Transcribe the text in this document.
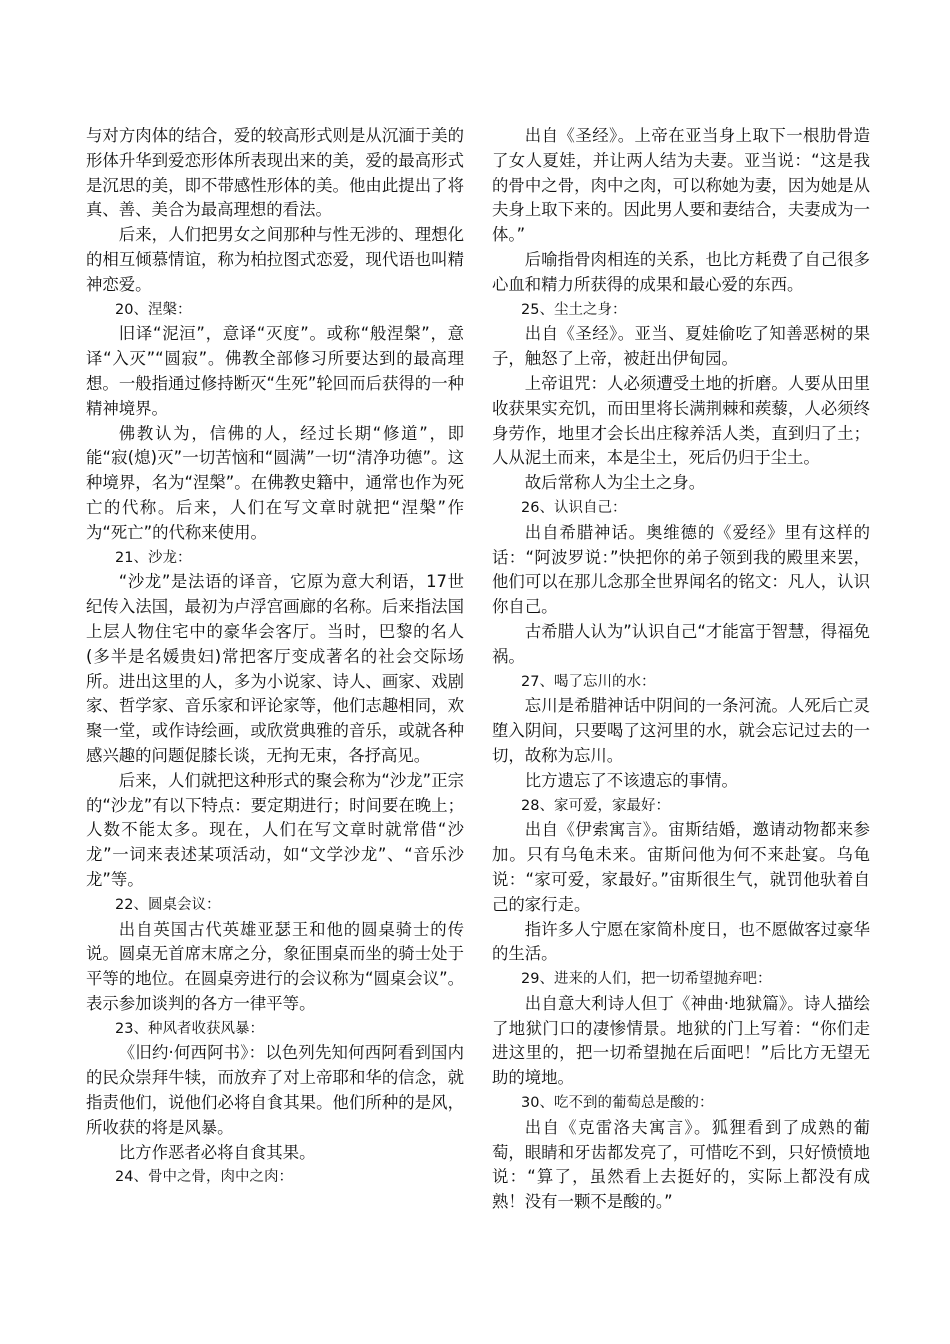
与对方肉体的结合，爱的较高形式则是从沉湎于美的形体升华到爱恋形体所表现出来的美，爱的最高形式是沉思的美，即不带感性形体的美。他由此提出了将真、善、美合为最高理想的看法。

后来，人们把男女之间那种与性无涉的、理想化的相互倾慕情谊，称为柏拉图式恋爱，现代语也叫精神恋爱。

20、涅槃：

旧译“泥洹”，意译“灭度”。或称“般涅槃”，意译“入灭”“圆寂”。佛教全部修习所要达到的最高理想。一般指通过修持断灭“生死”轮回而后获得的一种精神境界。

佛教认为，信佛的人，经过长期“修道”，即能“寂(熄)灭”一切苦恼和“圆满”一切“清净功德”。这种境界，名为“涅槃”。在佛教史籍中，通常也作为死亡的代称。后来，人们在写文章时就把“涅槃”作为“死亡”的代称来使用。

21、沙龙：

“沙龙”是法语的译音，它原为意大利语，17世纪传入法国，最初为卢浮宫画廊的名称。后来指法国上层人物住宅中的豪华会客厅。当时，巴黎的名人(多半是名媛贵妇)常把客厅变成著名的社会交际场所。进出这里的人，多为小说家、诗人、画家、戏剧家、哲学家、音乐家和评论家等，他们志趣相同，欢聚一堂，或作诗绘画，或欣赏典雅的音乐，或就各种感兴趣的问题促膝长谈，无拘无束，各抒高见。

后来，人们就把这种形式的聚会称为“沙龙”正宗的“沙龙”有以下特点：要定期进行；时间要在晚上；人数不能太多。现在，人们在写文章时就常借“沙龙”一词来表述某项活动，如“文学沙龙”、“音乐沙龙”等。

22、圆桌会议：

出自英国古代英雄亚瑟王和他的圆桌骑士的传说。圆桌无首席末席之分，象征围桌而坐的骑士处于平等的地位。在圆桌旁进行的会议称为“圆桌会议”。表示参加谈判的各方一律平等。

23、种风者收获风暴：

《旧约·何西阿书》：以色列先知何西阿看到国内的民众崇拜牛犊，而放弃了对上帝耶和华的信念，就指责他们，说他们必将自食其果。他们所种的是风，所收获的将是风暴。

比方作恶者必将自食其果。

24、骨中之骨，肉中之肉：

出自《圣经》。上帝在亚当身上取下一根肋骨造了女人夏娃，并让两人结为夫妻。亚当说：“这是我的骨中之骨，肉中之肉，可以称她为妻，因为她是从夫身上取下来的。因此男人要和妻结合，夫妻成为一体。”

后喻指骨肉相连的关系，也比方耗费了自己很多心血和精力所获得的成果和最心爱的东西。

25、尘土之身：

出自《圣经》。亚当、夏娃偷吃了知善恶树的果子，触怒了上帝，被赶出伊甸园。

上帝诅咒：人必须遭受土地的折磨。人要从田里收获果实充饥，而田里将长满荆棘和蒺藜，人必须终身劳作，地里才会长出庄稼养活人类，直到归了土；人从泥土而来，本是尘土，死后仍归于尘土。

故后常称人为尘土之身。

26、认识自己：

出自希腊神话。奥维德的《爱经》里有这样的话：“阿波罗说：”快把你的弟子领到我的殿里来罢，他们可以在那儿念那全世界闻名的铭文：凡人，认识你自己。

古希腊人认为”认识自己“才能富于智慧，得福免祸。

27、喝了忘川的水：

忘川是希腊神话中阴间的一条河流。人死后亡灵堕入阴间，只要喝了这河里的水，就会忘记过去的一切，故称为忘川。

比方遗忘了不该遗忘的事情。

28、家可爱，家最好：

出自《伊索寓言》。宙斯结婚，邀请动物都来参加。只有乌龟未来。宙斯问他为何不来赴宴。乌龟说：“家可爱，家最好。”宙斯很生气，就罚他驮着自己的家行走。

指许多人宁愿在家简朴度日，也不愿做客过豪华的生活。

29、进来的人们，把一切希望抛弃吧：

出自意大利诗人但丁《神曲·地狱篇》。诗人描绘了地狱门口的凄惨情景。地狱的门上写着：“你们走进这里的，把一切希望抛在后面吧！”后比方无望无助的境地。

30、吃不到的葡萄总是酸的：

出自《克雷洛夫寓言》。狐狸看到了成熟的葡萄，眼睛和牙齿都发亮了，可惜吃不到，只好愤愤地说：“算了，虽然看上去挺好的，实际上都没有成熟！没有一颗不是酸的。”
